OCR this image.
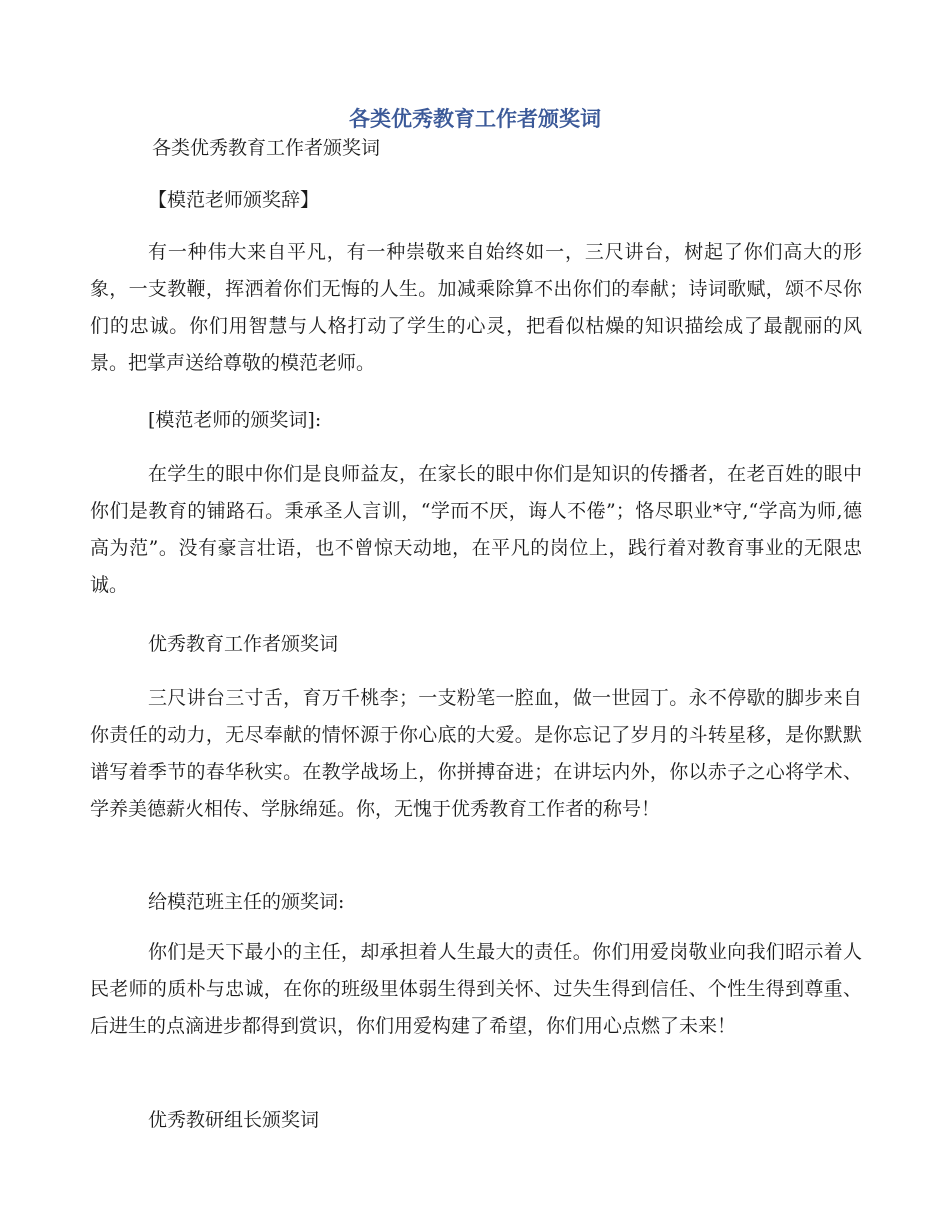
各类优秀教育工作者颁奖词

各类优秀教育工作者颁奖词

【模范老师颁奖辞】

有一种伟大来自平凡，有一种崇敬来自始终如一，三尺讲台，树起了你们高大的形象，一支教鞭，挥洒着你们无悔的人生。加减乘除算不出你们的奉献；诗词歌赋，颂不尽你们的忠诚。你们用智慧与人格打动了学生的心灵，把看似枯燥的知识描绘成了最靓丽的风景。把掌声送给尊敬的模范老师。

[模范老师的颁奖词]:

在学生的眼中你们是良师益友，在家长的眼中你们是知识的传播者，在老百姓的眼中你们是教育的铺路石。秉承圣人言训，“学而不厌，诲人不倦”；恪尽职业*守,“学高为师,德高为范”。没有豪言壮语，也不曾惊天动地，在平凡的岗位上，践行着对教育事业的无限忠诚。

优秀教育工作者颁奖词

三尺讲台三寸舌，育万千桃李；一支粉笔一腔血，做一世园丁。永不停歇的脚步来自你责任的动力，无尽奉献的情怀源于你心底的大爱。是你忘记了岁月的斗转星移，是你默默谱写着季节的春华秋实。在教学战场上，你拼搏奋进；在讲坛内外，你以赤子之心将学术、学养美德薪火相传、学脉绵延。你，无愧于优秀教育工作者的称号！

给模范班主任的颁奖词:

你们是天下最小的主任，却承担着人生最大的责任。你们用爱岗敬业向我们昭示着人民老师的质朴与忠诚，在你的班级里体弱生得到关怀、过失生得到信任、个性生得到尊重、后进生的点滴进步都得到赏识，你们用爱构建了希望，你们用心点燃了未来！

优秀教研组长颁奖词
